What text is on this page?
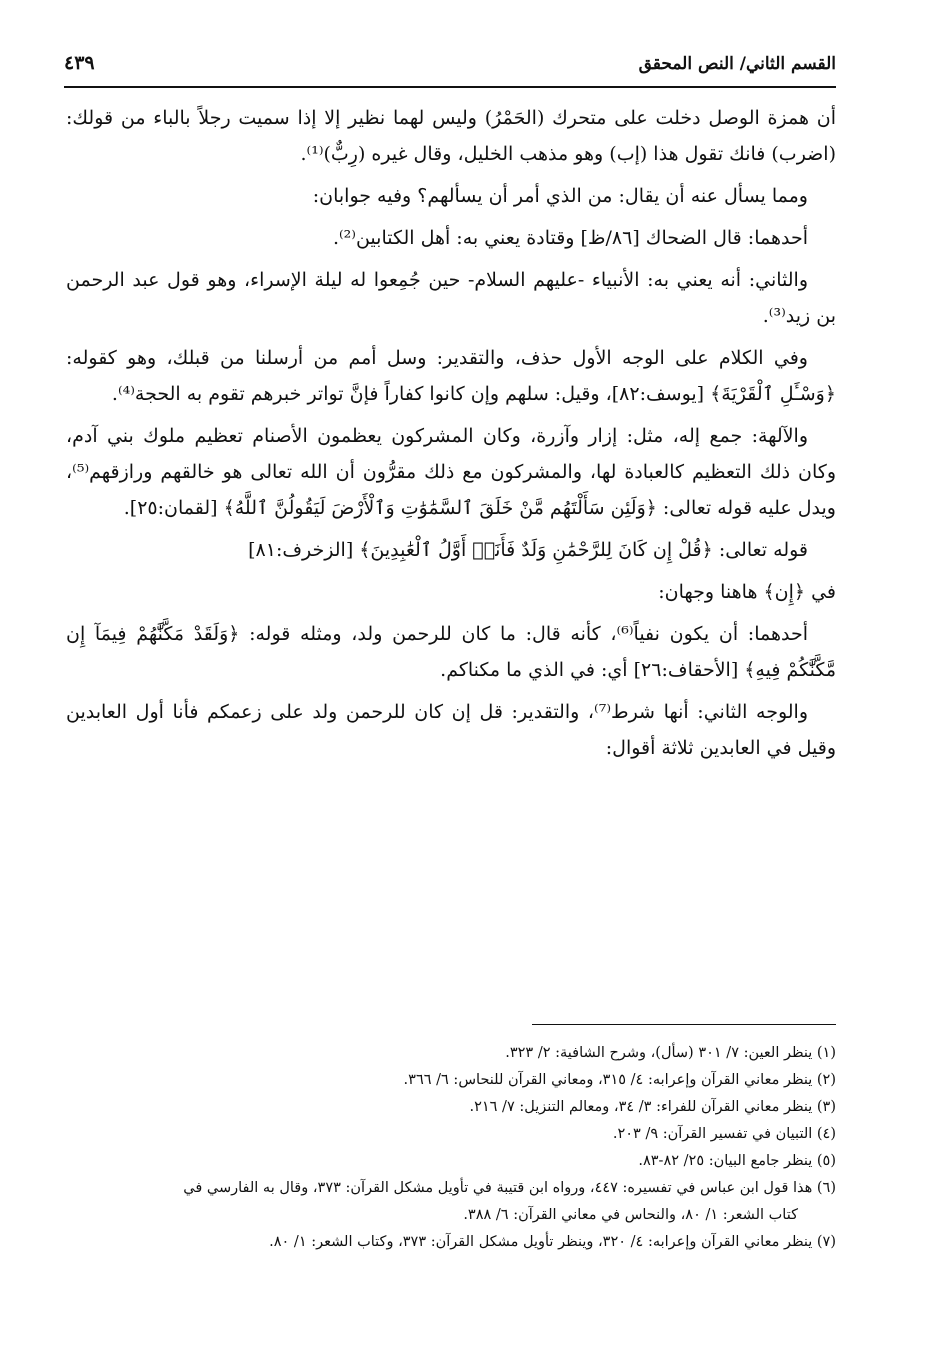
القسم الثاني/ النص المحقق
٤٣٩

أن همزة الوصل دخلت على متحرك (الحَمْرُ) وليس لهما نظير إلا إذا سميت رجلاً بالباء من قولك: (اضرب) فانك تقول هذا (إب) وهو مذهب الخليل، وقال غيره (رِبٌّ)⁽¹⁾.

ومما يسأل عنه أن يقال: من الذي أمر أن يسألهم؟ وفيه جوابان:

أحدهما: قال الضحاك [٨٦/ظ] وقتادة يعني به: أهل الكتابين⁽²⁾.

والثاني: أنه يعني به: الأنبياء -عليهم السلام- حين جُمِعوا له ليلة الإسراء، وهو قول عبد الرحمن بن زيد⁽³⁾.

وفي الكلام على الوجه الأول حذف، والتقدير: وسل أمم من أرسلنا من قبلك، وهو كقوله: ﴿وَسْـَٔلِ ٱلْقَرْيَةَ﴾ [يوسف:٨٢]، وقيل: سلهم وإن كانوا كفاراً فإنَّ تواتر خبرهم تقوم به الحجة⁽⁴⁾.

والآلهة: جمع إله، مثل: إزار وآزرة، وكان المشركون يعظمون الأصنام تعظيم ملوك بني آدم، وكان ذلك التعظيم كالعبادة لها، والمشركون مع ذلك مقرُّون أن الله تعالى هو خالقهم ورازقهم⁽⁵⁾، ويدل عليه قوله تعالى: ﴿وَلَئِن سَأَلْتَهُم مَّنْ خَلَقَ ٱلسَّمَٰوَٰتِ وَٱلْأَرْضَ لَيَقُولُنَّ ٱللَّهُ﴾ [لقمان:٢٥].

قوله تعالى: ﴿قُلْ إِن كَانَ لِلرَّحْمَٰنِ وَلَدٌ فَأَنَا۠ أَوَّلُ ٱلْعَٰبِدِينَ﴾ [الزخرف:٨١]

في ﴿إِن﴾ هاهنا وجهان:

أحدهما: أن يكون نفياً⁽⁶⁾، كأنه قال: ما كان للرحمن ولد، ومثله قوله: ﴿وَلَقَدْ مَكَّنَّٰهُمْ فِيمَآ إِن مَّكَّنَّٰكُمْ فِيهِ﴾ [الأحقاف:٢٦] أي: في الذي ما مكناكم.

والوجه الثاني: أنها شرط⁽⁷⁾، والتقدير: قل إن كان للرحمن ولد على زعمكم فأنا أول العابدين وقيل في العابدين ثلاثة أقوال:

(١) ينظر العين: ٧/ ٣٠١ (سأل)، وشرح الشافية: ٢/ ٣٢٣.

(٢) ينظر معاني القرآن وإعرابه: ٤/ ٣١٥، ومعاني القرآن للنحاس: ٦/ ٣٦٦.

(٣) ينظر معاني القرآن للفراء: ٣/ ٣٤، ومعالم التنزيل: ٧/ ٢١٦.

(٤) التبيان في تفسير القرآن: ٩/ ٢٠٣.

(٥) ينظر جامع البيان: ٢٥/ ٨٢-٨٣.

(٦) هذا قول ابن عباس في تفسيره: ٤٤٧، ورواه ابن قتيبة في تأويل مشكل القرآن: ٣٧٣، وقال به الفارسي في

كتاب الشعر: ١/ ٨٠، والنحاس في معاني القرآن: ٦/ ٣٨٨.

(٧) ينظر معاني القرآن وإعرابه: ٤/ ٣٢٠، وينظر تأويل مشكل القرآن: ٣٧٣، وكتاب الشعر: ١/ ٨٠.
